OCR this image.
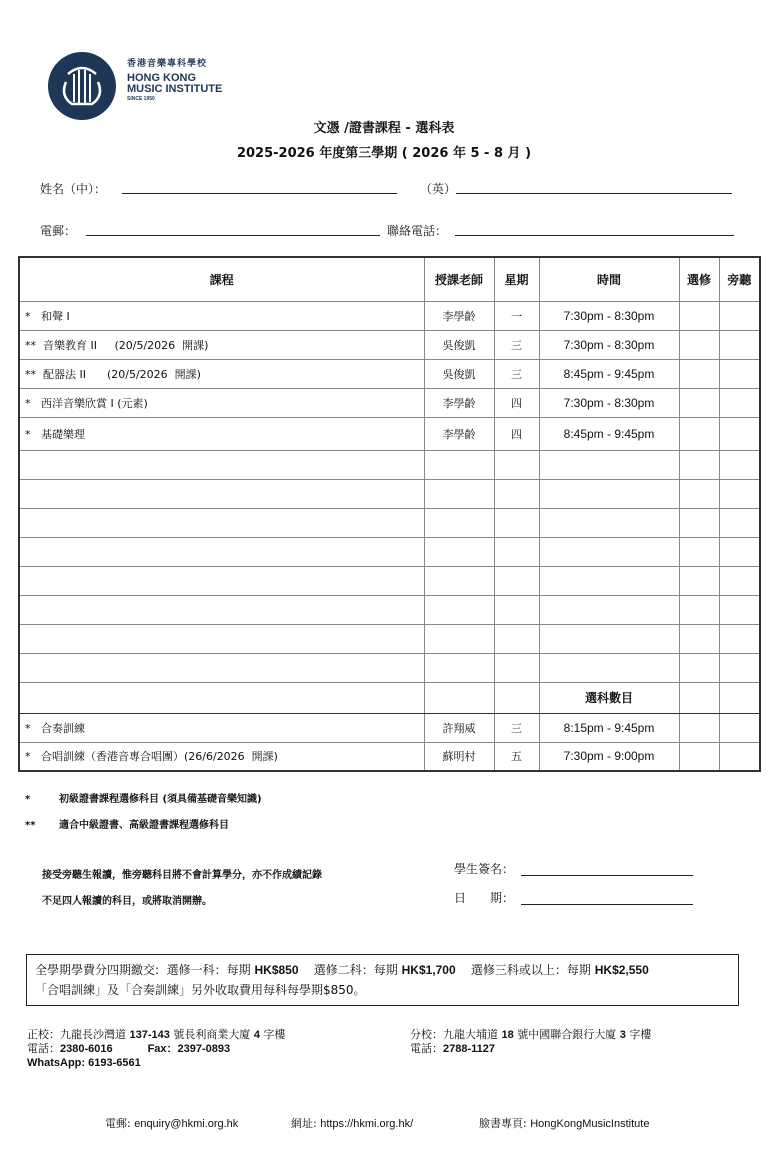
香港音樂專科學校
HONG KONG
MUSIC INSTITUTE
SINCE 1950
文憑 /證書課程 - 選科表
2025-2026 年度第三學期 ( 2026 年 5 - 8 月 )
姓名（中）：	（英）
電郵：	聯絡電話：
課程	授課老師	星期	時間	選修	旁聽
*   和聲 I	李學齡	一	7:30pm - 8:30pm		
**  音樂教育 II     (20/5/2026  開課)	吳俊凱	三	7:30pm - 8:30pm		
**  配器法 II      (20/5/2026  開課)	吳俊凱	三	8:45pm - 9:45pm		
*   西洋音樂欣賞 I (元素)	李學齡	四	7:30pm - 8:30pm		
*   基礎樂理	李學齡	四	8:45pm - 9:45pm		

			選科數目		
*   合奏訓練	許翔威	三	8:15pm - 9:45pm		
*   合唱訓練（香港音專合唱團）(26/6/2026  開課)	蘇明村	五	7:30pm - 9:00pm		
*	初級證書課程選修科目 (須具備基礎音樂知識)
** 適合中級證書、高級證書課程選修科目
接受旁聽生報讀，惟旁聽科目將不會計算學分，亦不作成績記錄
不足四人報讀的科目，或將取消開辦。
學生簽名：
日　　期：
全學期學費分四期繳交:  選修一科：每期 HK$850    選修二科：每期 HK$1,700    選修三科或以上：每期 HK$2,550
「合唱訓練」及「合奏訓練」另外收取費用每科每學期$850。
正校：九龍長沙灣道 137-143 號長利商業大廈 4 字樓
電話：2380-6016	Fax：2397-0893
WhatsApp: 6193-6561
分校：九龍大埔道 18 號中國聯合銀行大廈 3 字樓
電話：2788-1127
電郵: enquiry@hkmi.org.hk	網址: https://hkmi.org.hk/	臉書專頁: HongKongMusicInstitute
